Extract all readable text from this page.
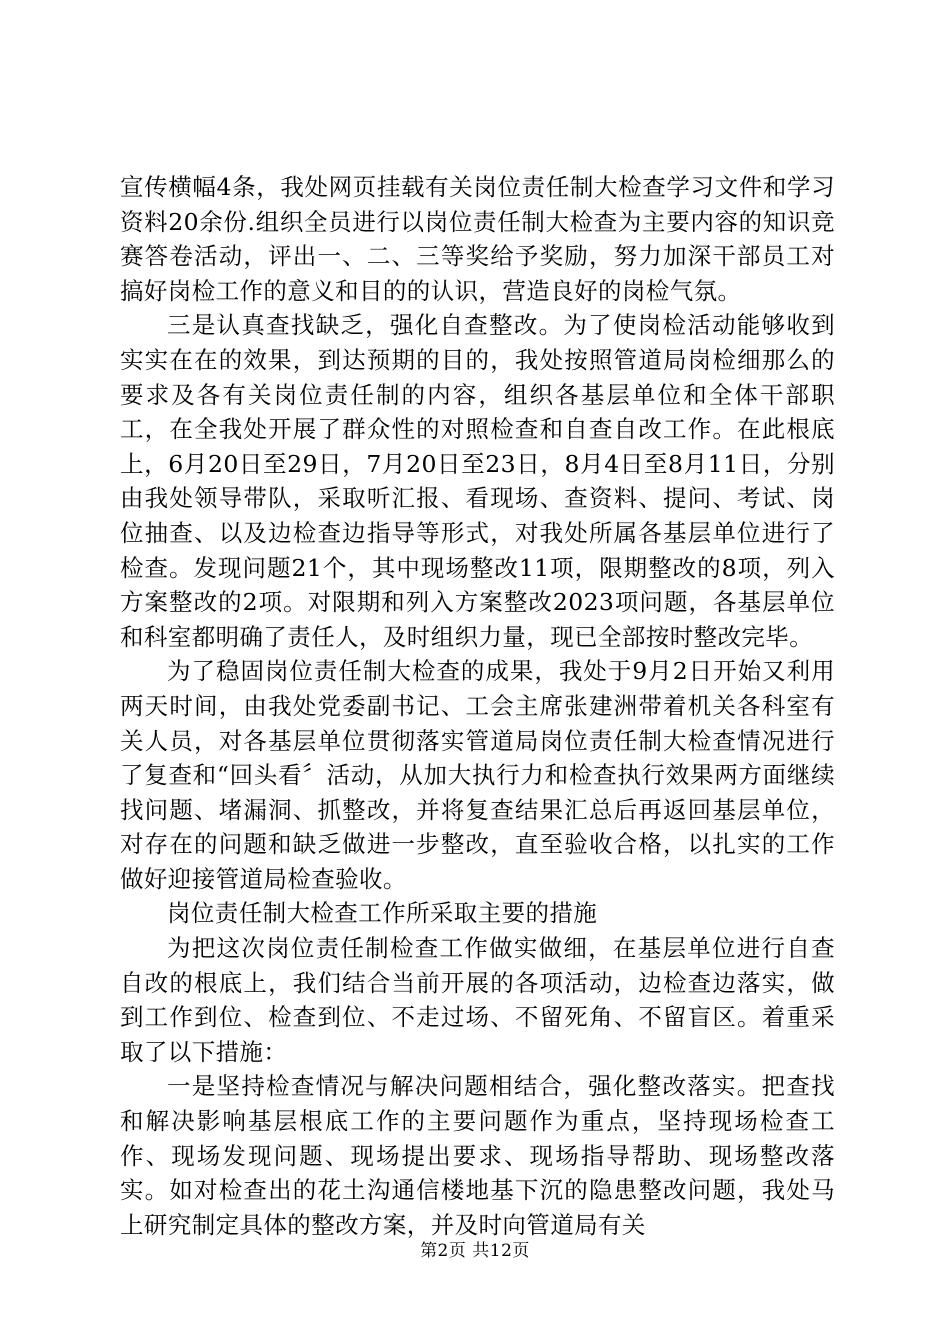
宣传横幅4条，我处网页挂载有关岗位责任制大检查学习文件和学习资料20余份.组织全员进行以岗位责任制大检查为主要内容的知识竞赛答卷活动，评出一、二、三等奖给予奖励，努力加深干部员工对搞好岗检工作的意义和目的的认识，营造良好的岗检气氛。

三是认真查找缺乏，强化自查整改。为了使岗检活动能够收到实实在在的效果，到达预期的目的，我处按照管道局岗检细那么的要求及各有关岗位责任制的内容，组织各基层单位和全体干部职工，在全我处开展了群众性的对照检查和自查自改工作。在此根底上，6月20日至29日，7月20日至23日，8月4日至8月11日，分别由我处领导带队，采取听汇报、看现场、查资料、提问、考试、岗位抽查、以及边检查边指导等形式，对我处所属各基层单位进行了检查。发现问题21个，其中现场整改11项，限期整改的8项，列入方案整改的2项。对限期和列入方案整改2023项问题，各基层单位和科室都明确了责任人，及时组织力量，现已全部按时整改完毕。

为了稳固岗位责任制大检查的成果，我处于9月2日开始又利用两天时间，由我处党委副书记、工会主席张建洲带着机关各科室有关人员，对各基层单位贯彻落实管道局岗位责任制大检查情况进行了复查和“回头看〞活动，从加大执行力和检查执行效果两方面继续找问题、堵漏洞、抓整改，并将复查结果汇总后再返回基层单位，对存在的问题和缺乏做进一步整改，直至验收合格，以扎实的工作做好迎接管道局检查验收。

岗位责任制大检查工作所采取主要的措施

为把这次岗位责任制检查工作做实做细，在基层单位进行自查自改的根底上，我们结合当前开展的各项活动，边检查边落实，做到工作到位、检查到位、不走过场、不留死角、不留盲区。着重采取了以下措施：

一是坚持检查情况与解决问题相结合，强化整改落实。把查找和解决影响基层根底工作的主要问题作为重点，坚持现场检查工作、现场发现问题、现场提出要求、现场指导帮助、现场整改落实。如对检查出的花土沟通信楼地基下沉的隐患整改问题，我处马上研究制定具体的整改方案，并及时向管道局有关

第2页 共12页
